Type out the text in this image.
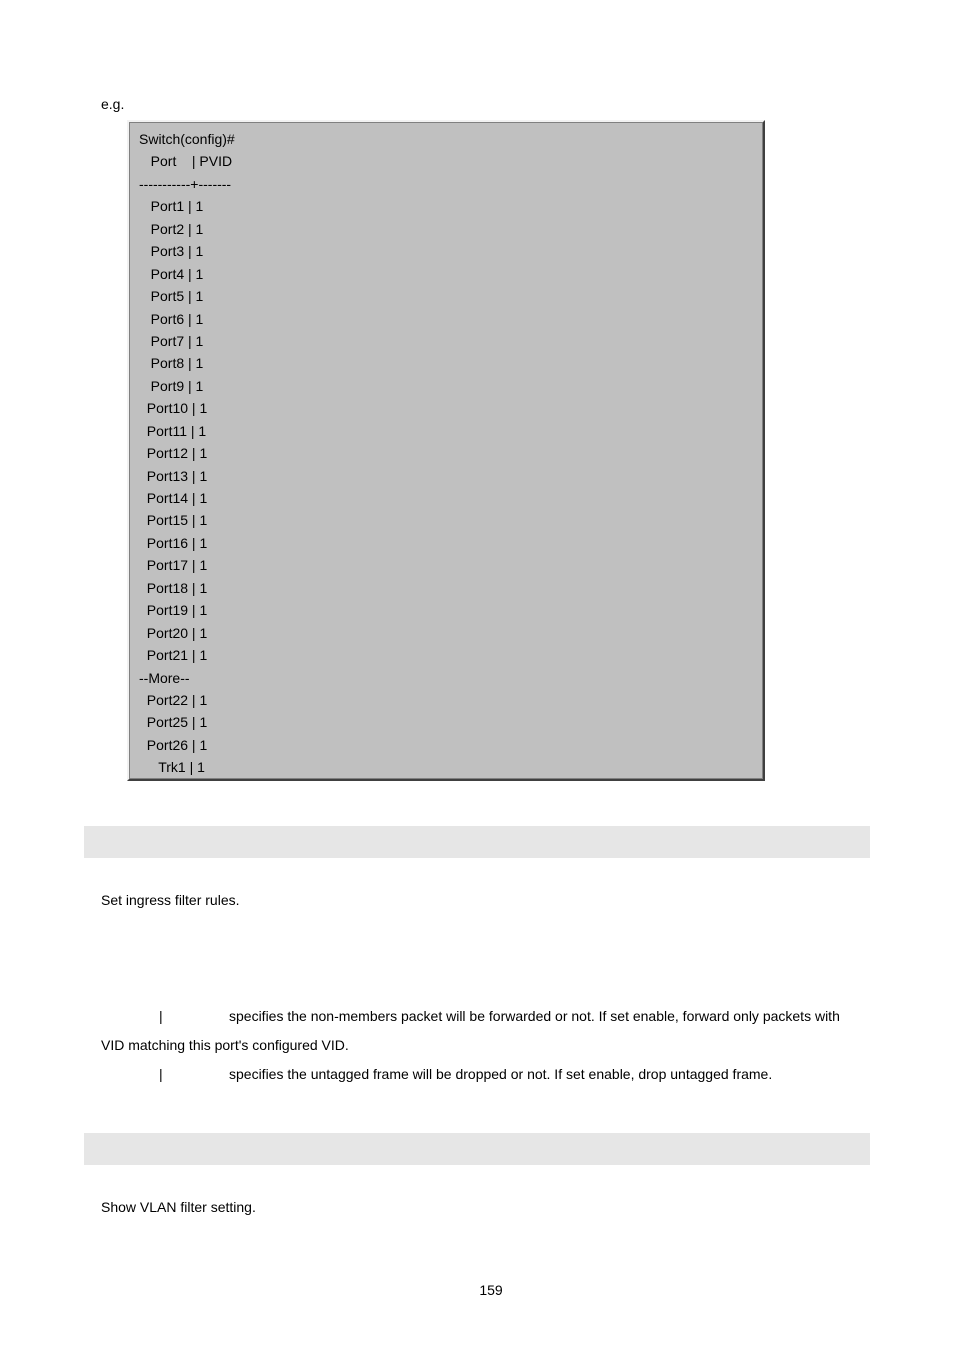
e.g.
Switch(config)#
Port    | PVID
-----------+-------
Port1 | 1
Port2 | 1
Port3 | 1
Port4 | 1
Port5 | 1
Port6 | 1
Port7 | 1
Port8 | 1
Port9 | 1
Port10 | 1
Port11 | 1
Port12 | 1
Port13 | 1
Port14 | 1
Port15 | 1
Port16 | 1
Port17 | 1
Port18 | 1
Port19 | 1
Port20 | 1
Port21 | 1
--More--
Port22 | 1
Port25 | 1
Port26 | 1
Trk1 | 1
Set ingress filter rules.
|	specifies the non-members packet will be forwarded or not. If set enable, forward only packets with
VID matching this port's configured VID.
|	specifies the untagged frame will be dropped or not. If set enable, drop untagged frame.
Show VLAN filter setting.
159
